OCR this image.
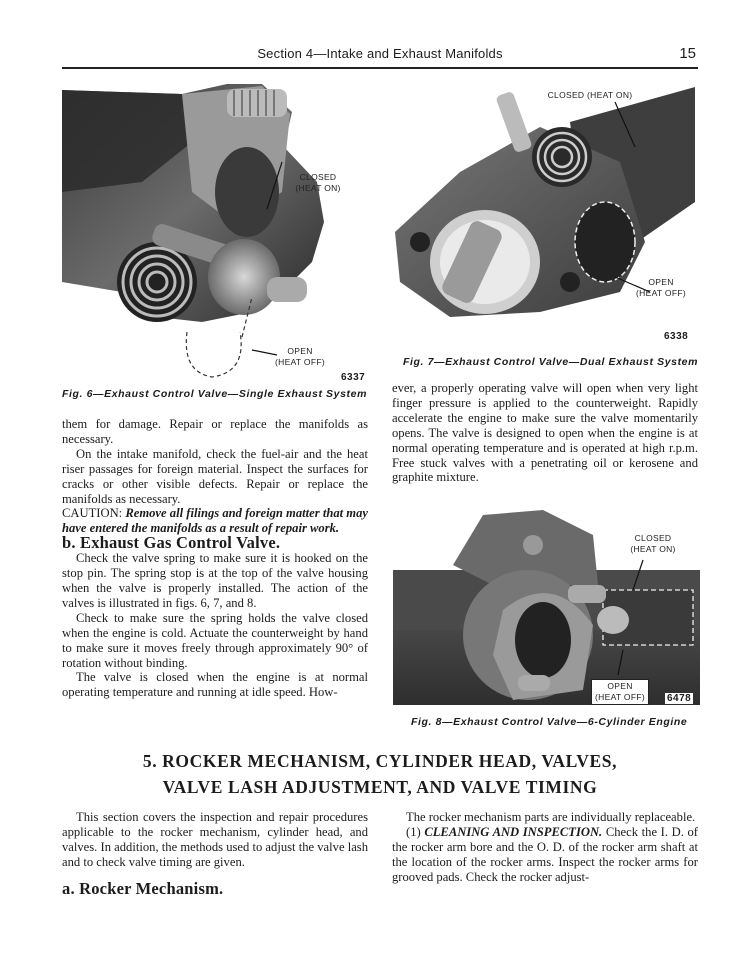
Section 4—Intake and Exhaust Manifolds	15
CLOSED
(HEAT ON)
OPEN
(HEAT OFF)
6337
Fig. 6—Exhaust Control Valve—Single Exhaust System
CLOSED (HEAT ON)
OPEN
(HEAT OFF)
6338
Fig. 7—Exhaust Control Valve—Dual Exhaust System

them for damage. Repair or replace the manifolds as necessary.

On the intake manifold, check the fuel-air and the heat riser passages for foreign material. Inspect the surfaces for cracks or other visible defects. Repair or replace the manifolds as necessary.

CAUTION: Remove all filings and foreign matter that may have entered the manifolds as a result of repair work.

b. Exhaust Gas Control Valve.

Check the valve spring to make sure it is hooked on the stop pin. The spring stop is at the top of the valve housing when the valve is properly installed. The action of the valves is illustrated in figs. 6, 7, and 8.

Check to make sure the spring holds the valve closed when the engine is cold. Actuate the counterweight by hand to make sure it moves freely through approximately 90° of rotation without binding.

The valve is closed when the engine is at normal operating temperature and running at idle speed. How-

ever, a properly operating valve will open when very light finger pressure is applied to the counterweight. Rapidly accelerate the engine to make sure the valve momentarily opens. The valve is designed to open when the engine is at normal operating temperature and is operated at high r.p.m. Free stuck valves with a penetrating oil or kerosene and graphite mixture.

CLOSED
(HEAT ON)
OPEN
(HEAT OFF)	6478
Fig. 8—Exhaust Control Valve—6-Cylinder Engine
5. ROCKER MECHANISM, CYLINDER HEAD, VALVES,
VALVE LASH ADJUSTMENT, AND VALVE TIMING

This section covers the inspection and repair procedures applicable to the rocker mechanism, cylinder head, and valves. In addition, the methods used to adjust the valve lash and to check valve timing are given.

a. Rocker Mechanism.

The rocker mechanism parts are individually replaceable.

(1) CLEANING AND INSPECTION. Check the I. D. of the rocker arm bore and the O. D. of the rocker arm shaft at the location of the rocker arms. Inspect the rocker arms for grooved pads. Check the rocker adjust-
